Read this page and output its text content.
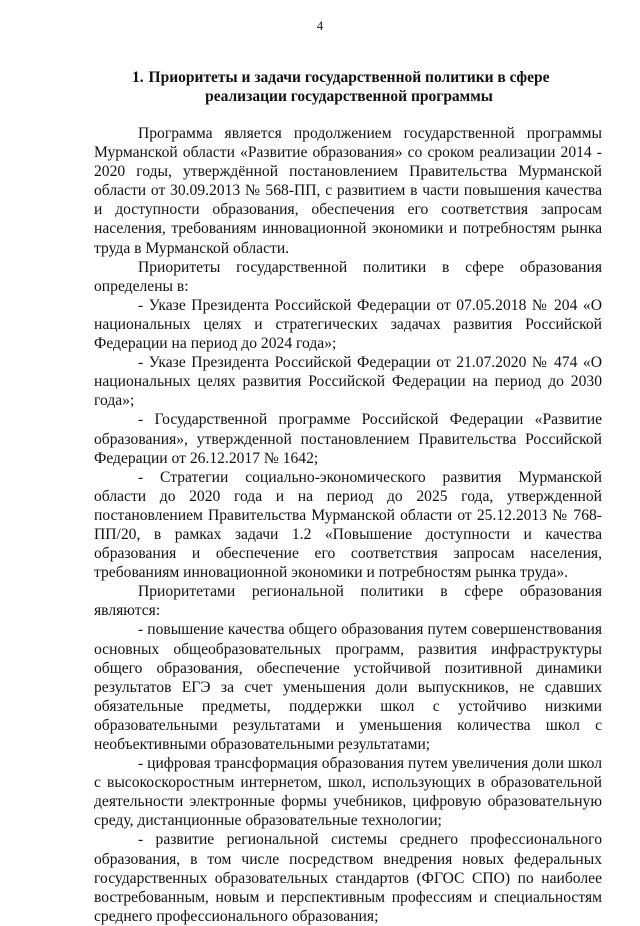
4
1. Приоритеты и задачи государственной политики в сфере
реализации государственной программы

Программа является продолжением государственной программы Мурманской области «Развитие образования» со сроком реализации 2014 - 2020 годы, утверждённой постановлением Правительства Мурманской области от 30.09.2013 № 568-ПП, с развитием в части повышения качества и доступности образования, обеспечения его соответствия запросам населения, требованиям инновационной экономики и потребностям рынка труда в Мурманской области.

Приоритеты государственной политики в сфере образования определены в:

- Указе Президента Российской Федерации от 07.05.2018 № 204 «О национальных целях и стратегических задачах развития Российской Федерации на период до 2024 года»;

- Указе Президента Российской Федерации от 21.07.2020 № 474 «О национальных целях развития Российской Федерации на период до 2030 года»;

- Государственной программе Российской Федерации «Развитие образования», утвержденной постановлением Правительства Российской Федерации от 26.12.2017 № 1642;

- Стратегии социально-экономического развития Мурманской области до 2020 года и на период до 2025 года, утвержденной постановлением Правительства Мурманской области от 25.12.2013 № 768-ПП/20, в рамках задачи 1.2 «Повышение доступности и качества образования и обеспечение его соответствия запросам населения, требованиям инновационной экономики и потребностям рынка труда».

Приоритетами региональной политики в сфере образования являются:

- повышение качества общего образования путем совершенствования основных общеобразовательных программ, развития инфраструктуры общего образования, обеспечение устойчивой позитивной динамики результатов ЕГЭ за счет уменьшения доли выпускников, не сдавших обязательные предметы, поддержки школ с устойчиво низкими образовательными результатами и уменьшения количества школ с необъективными образовательными результатами;

- цифровая трансформация образования путем увеличения доли школ с высокоскоростным интернетом, школ, использующих в образовательной деятельности электронные формы учебников, цифровую образовательную среду, дистанционные образовательные технологии;

- развитие региональной системы среднего профессионального образования, в том числе посредством внедрения новых федеральных государственных образовательных стандартов (ФГОС СПО) по наиболее востребованным, новым и перспективным профессиям и специальностям среднего профессионального образования;
